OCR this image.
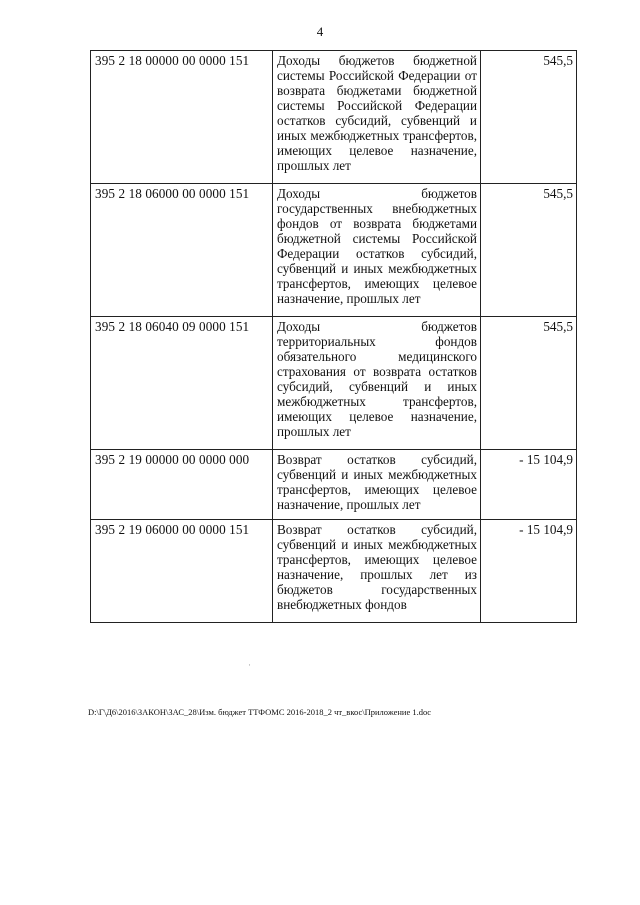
4
395 2 18 00000 00 0000 151	Доходы бюджетов бюджетной системы Российской Федерации от возврата бюджетами бюджетной системы Российской Федерации остатков субсидий, субвенций и иных межбюджетных трансфертов, имеющих целевое назначение, прошлых лет	545,5
395 2 18 06000 00 0000 151	Доходы бюджетов государственных внебюджетных фондов от возврата бюджетами бюджетной системы Российской Федерации остатков субсидий, субвенций и иных межбюджетных трансфертов, имеющих целевое назначение, прошлых лет	545,5
395 2 18 06040 09 0000 151	Доходы бюджетов территориальных фондов обязательного медицинского страхования от возврата остатков субсидий, субвенций и иных межбюджетных трансфертов, имеющих целевое назначение, прошлых лет	545,5
395 2 19 00000 00 0000 000	Возврат остатков субсидий, субвенций и иных межбюджетных трансфертов, имеющих целевое назначение, прошлых лет	- 15 104,9
395 2 19 06000 00 0000 151	Возврат остатков субсидий, субвенций и иных межбюджетных трансфертов, имеющих целевое назначение, прошлых лет из бюджетов государственных внебюджетных фондов	- 15 104,9
·
D:\Г\Д6\2016\ЗАКОН\ЗАС_28\Изм. бюджет ТТФОМС 2016-2018_2 чт_вкос\Приложение 1.doc
